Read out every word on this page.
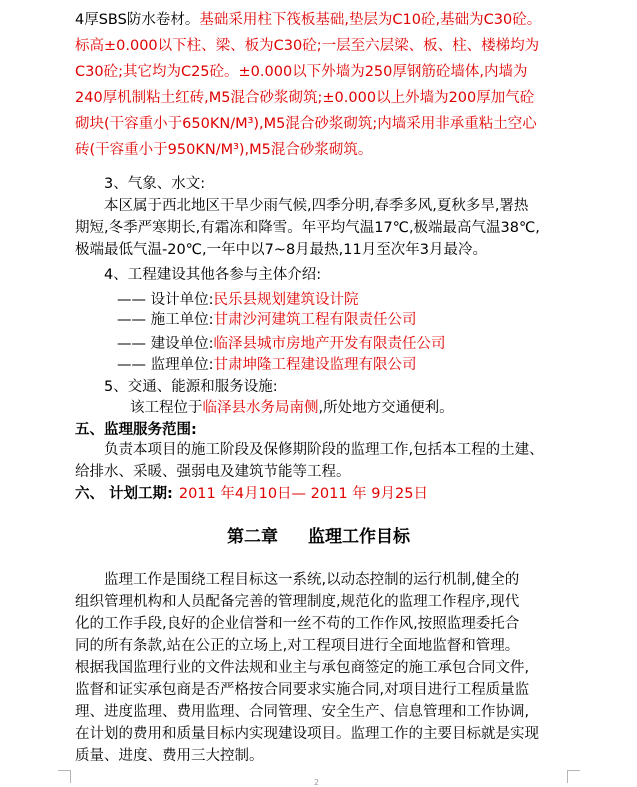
4厚SBS防水卷材。基础采用柱下筏板基础,垫层为C10砼,基础为C30砼。
标高±0.000以下柱、梁、板为C30砼;一层至六层梁、板、柱、楼梯均为
C30砼;其它均为C25砼。±0.000以下外墙为250厚钢筋砼墙体,内墙为
240厚机制粘土红砖,M5混合砂浆砌筑;±0.000以上外墙为200厚加气砼
砌块(干容重小于650KN/M³),M5混合砂浆砌筑;内墙采用非承重粘土空心
砖(干容重小于950KN/M³),M5混合砂浆砌筑。
3、气象、水文:
本区属于西北地区干旱少雨气候,四季分明,春季多风,夏秋多旱,署热
期短,冬季严寒期长,有霜冻和降雪。年平均气温17℃,极端最高气温38℃,
极端最低气温-20℃,一年中以7~8月最热,11月至次年3月最冷。
4、工程建设其他各参与主体介绍:
—— 设计单位:民乐县规划建筑设计院
—— 施工单位:甘肃沙河建筑工程有限责任公司
—— 建设单位:临泽县城市房地产开发有限责任公司
—— 监理单位:甘肃坤隆工程建设监理有限公司
5、交通、能源和服务设施:
该工程位于临泽县水务局南侧,所处地方交通便利。
五、监理服务范围:
负责本项目的施工阶段及保修期阶段的监理工作,包括本工程的土建、
给排水、采暖、强弱电及建筑节能等工程。
六、 计划工期: 2011 年4月10日— 2011 年 9月25日
第二章 监理工作目标
监理工作是围绕工程目标这一系统,以动态控制的运行机制,健全的
组织管理机构和人员配备完善的管理制度,规范化的监理工作程序,现代
化的工作手段,良好的企业信誉和一丝不苟的工作作风,按照监理委托合
同的所有条款,站在公正的立场上,对工程项目进行全面地监督和管理。
根据我国监理行业的文件法规和业主与承包商签定的施工承包合同文件,
监督和证实承包商是否严格按合同要求实施合同,对项目进行工程质量监
理、进度监理、费用监理、合同管理、安全生产、信息管理和工作协调,
在计划的费用和质量目标内实现建设项目。监理工作的主要目标就是实现
质量、进度、费用三大控制。
2
